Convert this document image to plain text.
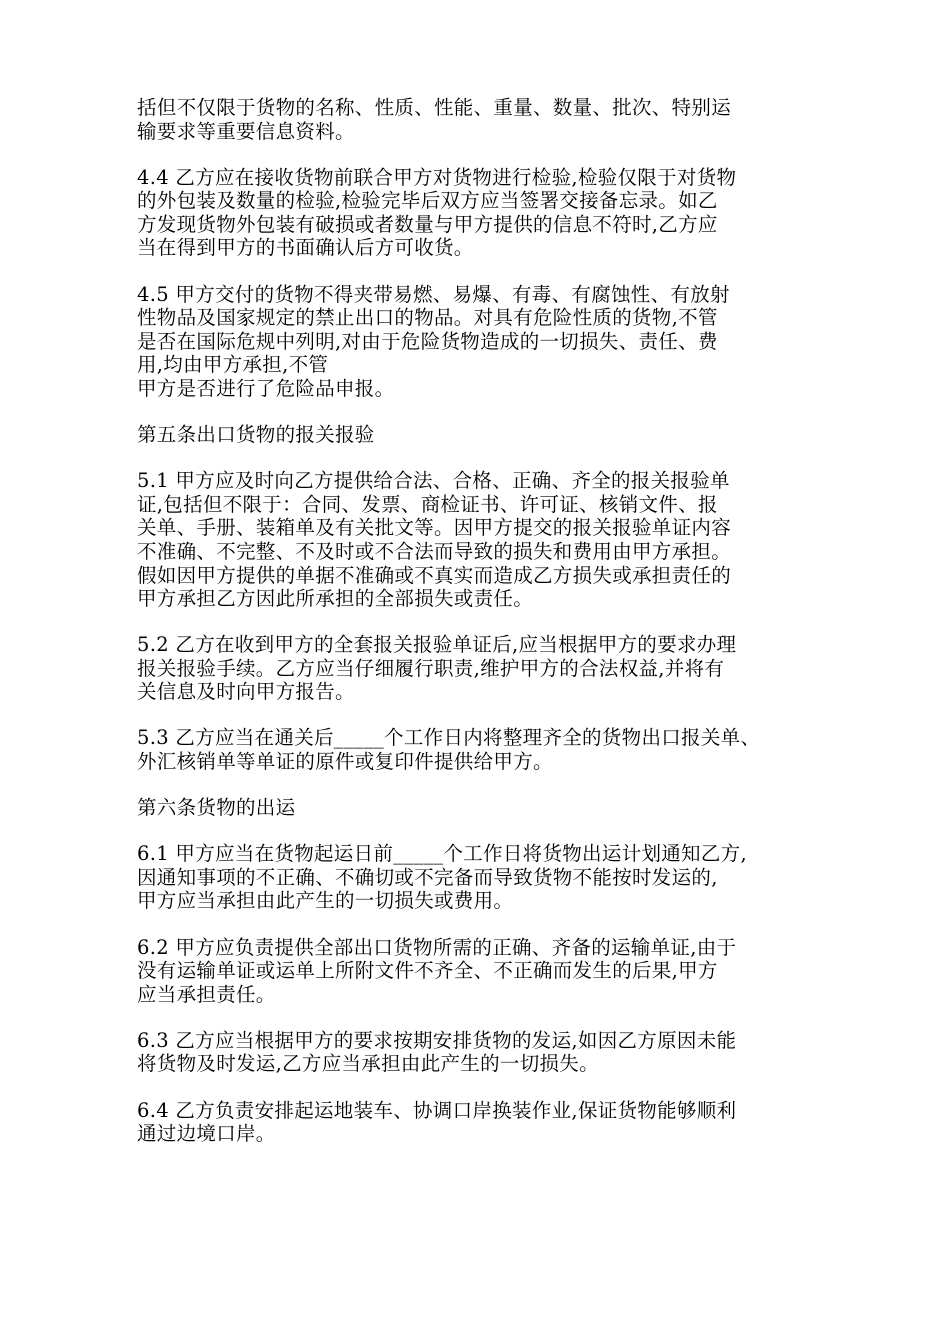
括但不仅限于货物的名称、性质、性能、重量、数量、批次、特别运
输要求等重要信息资料。

4.4 乙方应在接收货物前联合甲方对货物进行检验,检验仅限于对货物
的外包装及数量的检验,检验完毕后双方应当签署交接备忘录。如乙
方发现货物外包装有破损或者数量与甲方提供的信息不符时,乙方应
当在得到甲方的书面确认后方可收货。

4.5 甲方交付的货物不得夹带易燃、易爆、有毒、有腐蚀性、有放射
性物品及国家规定的禁止出口的物品。对具有危险性质的货物,不管
是否在国际危规中列明,对由于危险货物造成的一切损失、责任、费
用,均由甲方承担,不管
甲方是否进行了危险品申报。

第五条出口货物的报关报验

5.1 甲方应及时向乙方提供给合法、合格、正确、齐全的报关报验单
证,包括但不限于：合同、发票、商检证书、许可证、核销文件、报
关单、手册、装箱单及有关批文等。因甲方提交的报关报验单证内容
不准确、不完整、不及时或不合法而导致的损失和费用由甲方承担。
假如因甲方提供的单据不准确或不真实而造成乙方损失或承担责任的
甲方承担乙方因此所承担的全部损失或责任。

5.2 乙方在收到甲方的全套报关报验单证后,应当根据甲方的要求办理
报关报验手续。乙方应当仔细履行职责,维护甲方的合法权益,并将有
关信息及时向甲方报告。

5.3 乙方应当在通关后_____个工作日内将整理齐全的货物出口报关单、
外汇核销单等单证的原件或复印件提供给甲方。

第六条货物的出运

6.1 甲方应当在货物起运日前_____个工作日将货物出运计划通知乙方,
因通知事项的不正确、不确切或不完备而导致货物不能按时发运的,
甲方应当承担由此产生的一切损失或费用。

6.2 甲方应负责提供全部出口货物所需的正确、齐备的运输单证,由于
没有运输单证或运单上所附文件不齐全、不正确而发生的后果,甲方
应当承担责任。

6.3 乙方应当根据甲方的要求按期安排货物的发运,如因乙方原因未能
将货物及时发运,乙方应当承担由此产生的一切损失。

6.4 乙方负责安排起运地装车、协调口岸换装作业,保证货物能够顺利
通过边境口岸。
